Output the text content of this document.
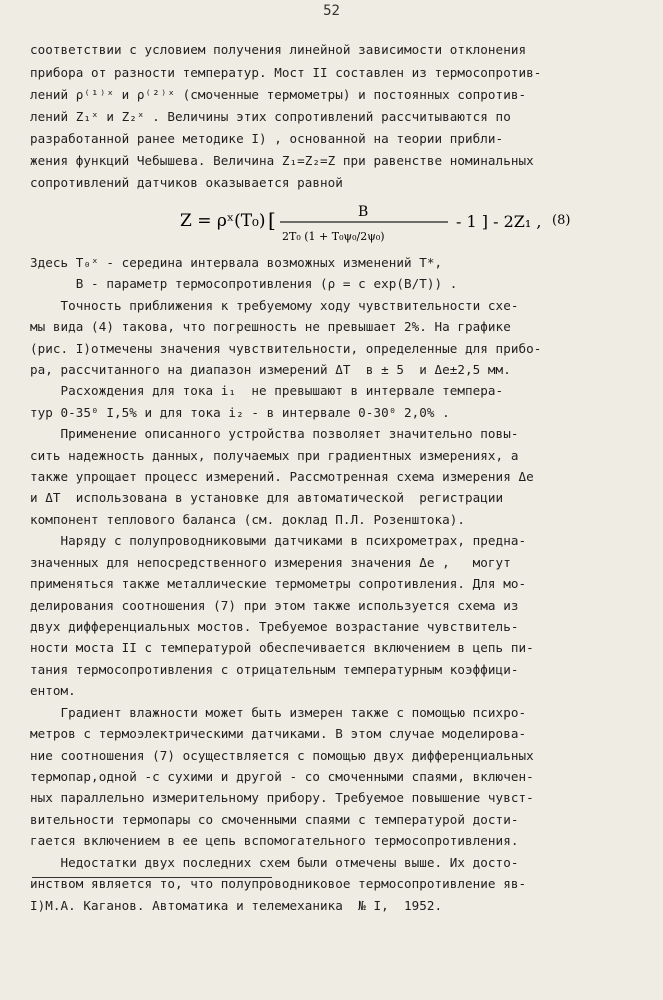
52
соответствии с условием получения линейной зависимости отклонения
прибора от разности температур. Мост II составлен из термосопротив-
лений ρ⁽¹⁾ˣ и ρ⁽²⁾ˣ (смоченные термометры) и постоянных сопротив-
лений Z₁ˣ и Z₂ˣ . Величины этих сопротивлений рассчитываются по
разработанной ранее методике I) , основанной на теории прибли-
жения функций Чебышева. Величина Z₁=Z₂=Z при равенстве номинальных
сопротивлений датчиков оказывается равной
Z = ρˣ(T₀) [	B
2T₀ (1 + T₀ψ₀/2ψ₀)
- 1 ] - 2Z₁ , (8)
Здесь T₀ˣ - середина интервала возможных изменений T*,
B - параметр термосопротивления (ρ = c exp(B/T)) .
Точность приближения к требуемому ходу чувствительности схе-
мы вида (4) такова, что погрешность не превышает 2%. На графике
(рис. I)отмечены значения чувствительности, определенные для прибо-
ра, рассчитанного на диапазон измерений ΔT  в ± 5  и Δe±2,5 мм.
Расхождения для тока i₁  не превышают в интервале темпера-
тур 0-35⁰ I,5% и для тока i₂ - в интервале 0-30⁰ 2,0% .
Применение описанного устройства позволяет значительно повы-
сить надежность данных, получаемых при градиентных измерениях, а
также упрощает процесс измерений. Рассмотренная схема измерения Δe
и ΔT  использована в установке для автоматической  регистрации
компонент теплового баланса (см. доклад П.Л. Розенштока).
Наряду с полупроводниковыми датчиками в психрометрах, предна-
значенных для непосредственного измерения значения Δe ,   могут
применяться также металлические термометры сопротивления. Для мо-
делирования соотношения (7) при этом также используется схема из
двух дифференциальных мостов. Требуемое возрастание чувствитель-
ности моста II с температурой обеспечивается включением в цепь пи-
тания термосопротивления с отрицательным температурным коэффици-
ентом.
Градиент влажности может быть измерен также с помощью психро-
метров с термоэлектрическими датчиками. В этом случае моделирова-
ние соотношения (7) осуществляется с помощью двух дифференциальных
термопар,одной -с сухими и другой - со смоченными спаями, включен-
ных параллельно измерительному прибору. Требуемое повышение чувст-
вительности термопары со смоченными спаями с температурой дости-
гается включением в ее цепь вспомогательного термосопротивления.
Недостатки двух последних схем были отмечены выше. Их досто-
инством является то, что полупроводниковое термосопротивление яв-
I)М.А. Каганов. Автоматика и телемеханика  № I,  1952.
